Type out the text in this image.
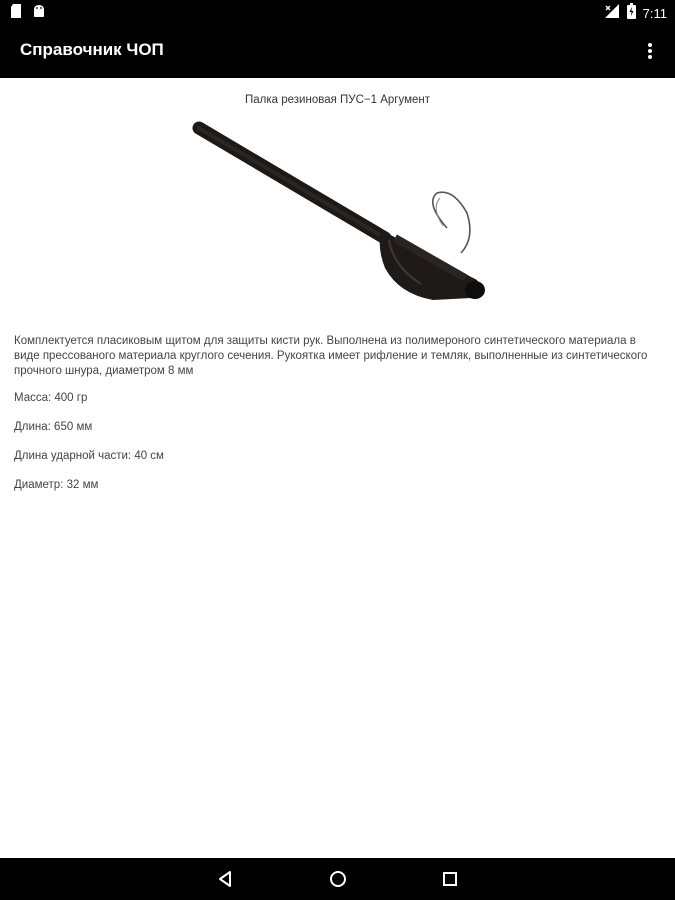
7:11
Справочник ЧОП
Палка резиновая ПУС−1 Аргумент
Комплектуется пласиковым щитом для защиты кисти рук. Выполнена из полимероного синтетического материала в виде прессованого материала круглого сечения. Рукоятка имеет рифление и темляк, выполненные из синтетического прочного шнура, диаметром 8 мм
Масса: 400 гр
Длина: 650 мм
Длина ударной части: 40 см
Диаметр: 32 мм
